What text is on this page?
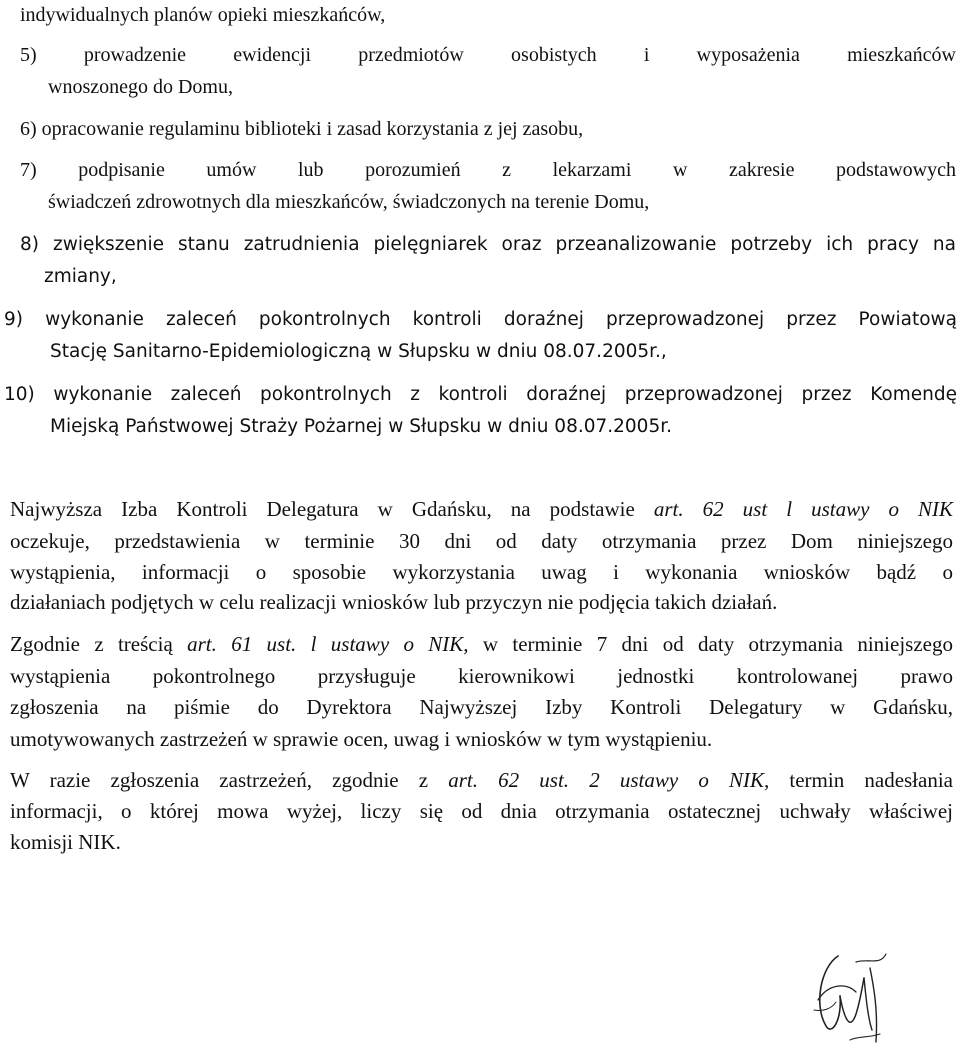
indywidualnych planów opieki mieszkańców,
5) prowadzenie ewidencji przedmiotów osobistych i wyposażenia mieszkańców
wnoszonego do Domu,
6) opracowanie regulaminu biblioteki i zasad korzystania z jej zasobu,
7) podpisanie umów lub porozumień z lekarzami w zakresie podstawowych
świadczeń zdrowotnych dla mieszkańców, świadczonych na terenie Domu,
8) zwiększenie stanu zatrudnienia pielęgniarek oraz przeanalizowanie potrzeby ich pracy na
zmiany,
9) wykonanie zaleceń pokontrolnych kontroli doraźnej przeprowadzonej przez Powiatową
Stację Sanitarno-Epidemiologiczną w Słupsku w dniu 08.07.2005r.,
10) wykonanie zaleceń pokontrolnych z kontroli doraźnej przeprowadzonej przez Komendę
Miejską Państwowej Straży Pożarnej w Słupsku w dniu 08.07.2005r.
Najwyższa Izba Kontroli Delegatura w Gdańsku, na podstawie art. 62 ust l ustawy o NIK
oczekuje, przedstawienia w terminie 30 dni od daty otrzymania przez Dom niniejszego
wystąpienia, informacji o sposobie wykorzystania uwag i wykonania wniosków bądź o
działaniach podjętych w celu realizacji wniosków lub przyczyn nie podjęcia takich działań.
Zgodnie z treścią art. 61 ust. l ustawy o NIK, w terminie 7 dni od daty otrzymania niniejszego
wystąpienia pokontrolnego przysługuje kierownikowi jednostki kontrolowanej prawo
zgłoszenia na piśmie do Dyrektora Najwyższej Izby Kontroli Delegatury w Gdańsku,
umotywowanych zastrzeżeń w sprawie ocen, uwag i wniosków w tym wystąpieniu.
W razie zgłoszenia zastrzeżeń, zgodnie z art. 62 ust. 2 ustawy o NIK, termin nadesłania
informacji, o której mowa wyżej, liczy się od dnia otrzymania ostatecznej uchwały właściwej
komisji NIK.
